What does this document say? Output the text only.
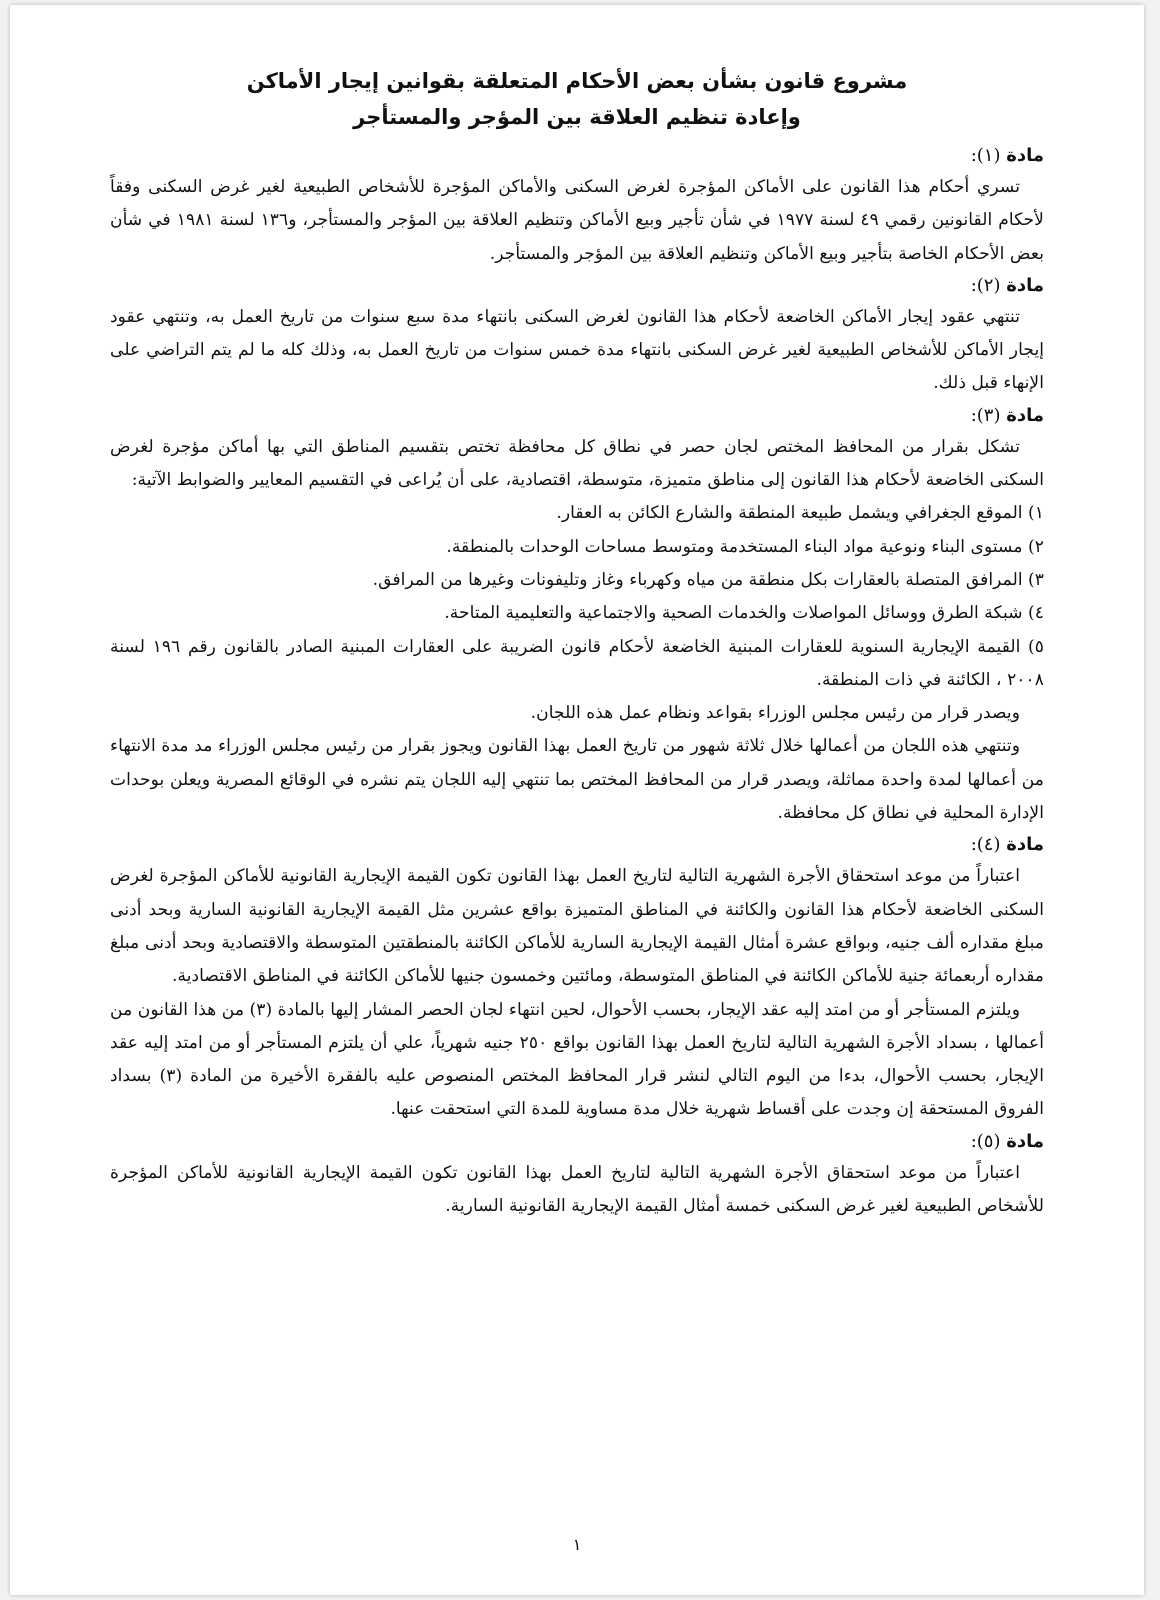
مشروع قانون بشأن بعض الأحكام المتعلقة بقوانين إيجار الأماكن
وإعادة تنظيم العلاقة بين المؤجر والمستأجر

مادة (١):

تسري أحكام هذا القانون على الأماكن المؤجرة لغرض السكنى والأماكن المؤجرة للأشخاص الطبيعية لغير غرض السكنى وفقاً لأحكام القانونين رقمي ٤٩ لسنة ١٩٧٧ في شأن تأجير وبيع الأماكن وتنظيم العلاقة بين المؤجر والمستأجر، و١٣٦ لسنة ١٩٨١ في شأن بعض الأحكام الخاصة بتأجير وبيع الأماكن وتنظيم العلاقة بين المؤجر والمستأجر.

مادة (٢):

تنتهي عقود إيجار الأماكن الخاضعة لأحكام هذا القانون لغرض السكنى بانتهاء مدة سبع سنوات من تاريخ العمل به، وتنتهي عقود إيجار الأماكن للأشخاص الطبيعية لغير غرض السكنى بانتهاء مدة خمس سنوات من تاريخ العمل به، وذلك كله ما لم يتم التراضي على الإنهاء قبل ذلك.

مادة (٣):

تشكل بقرار من المحافظ المختص لجان حصر في نطاق كل محافظة تختص بتقسيم المناطق التي بها أماكن مؤجرة لغرض السكنى الخاضعة لأحكام هذا القانون إلى مناطق متميزة، متوسطة، اقتصادية، على أن يُراعى في التقسيم المعايير والضوابط الآتية:

١) الموقع الجغرافي ويشمل طبيعة المنطقة والشارع الكائن به العقار.

٢) مستوى البناء ونوعية مواد البناء المستخدمة ومتوسط مساحات الوحدات بالمنطقة.

٣) المرافق المتصلة بالعقارات بكل منطقة من مياه وكهرباء وغاز وتليفونات وغيرها من المرافق.

٤) شبكة الطرق ووسائل المواصلات والخدمات الصحية والاجتماعية والتعليمية المتاحة.

٥) القيمة الإيجارية السنوية للعقارات المبنية الخاضعة لأحكام قانون الضريبة على العقارات المبنية الصادر بالقانون رقم ١٩٦ لسنة ٢٠٠٨ ، الكائنة في ذات المنطقة.

ويصدر قرار من رئيس مجلس الوزراء بقواعد ونظام عمل هذه اللجان.

وتنتهي هذه اللجان من أعمالها خلال ثلاثة شهور من تاريخ العمل بهذا القانون ويجوز بقرار من رئيس مجلس الوزراء مد مدة الانتهاء من أعمالها لمدة واحدة مماثلة، ويصدر قرار من المحافظ المختص بما تنتهي إليه اللجان يتم نشره في الوقائع المصرية ويعلن بوحدات الإدارة المحلية في نطاق كل محافظة.

مادة (٤):

اعتباراً من موعد استحقاق الأجرة الشهرية التالية لتاريخ العمل بهذا القانون تكون القيمة الإيجارية القانونية للأماكن المؤجرة لغرض السكنى الخاضعة لأحكام هذا القانون والكائنة في المناطق المتميزة بواقع عشرين مثل القيمة الإيجارية القانونية السارية وبحد أدنى مبلغ مقداره ألف جنيه، وبواقع عشرة أمثال القيمة الإيجارية السارية للأماكن الكائنة بالمنطقتين المتوسطة والاقتصادية وبحد أدنى مبلغ مقداره أربعمائة جنية للأماكن الكائنة في المناطق المتوسطة، ومائتين وخمسون جنيها للأماكن الكائنة في المناطق الاقتصادية.

ويلتزم المستأجر أو من امتد إليه عقد الإيجار، بحسب الأحوال، لحين انتهاء لجان الحصر المشار إليها بالمادة (٣) من هذا القانون من أعمالها ، بسداد الأجرة الشهرية التالية لتاريخ العمل بهذا القانون بواقع ٢٥٠ جنيه شهرياً، علي أن يلتزم المستأجر أو من امتد إليه عقد الإيجار، بحسب الأحوال، بدءا من اليوم التالي لنشر قرار المحافظ المختص المنصوص عليه بالفقرة الأخيرة من المادة (٣) بسداد الفروق المستحقة إن وجدت على أقساط شهرية خلال مدة مساوية للمدة التي استحقت عنها.

مادة (٥):

اعتباراً من موعد استحقاق الأجرة الشهرية التالية لتاريخ العمل بهذا القانون تكون القيمة الإيجارية القانونية للأماكن المؤجرة للأشخاص الطبيعية لغير غرض السكنى خمسة أمثال القيمة الإيجارية القانونية السارية.

١
